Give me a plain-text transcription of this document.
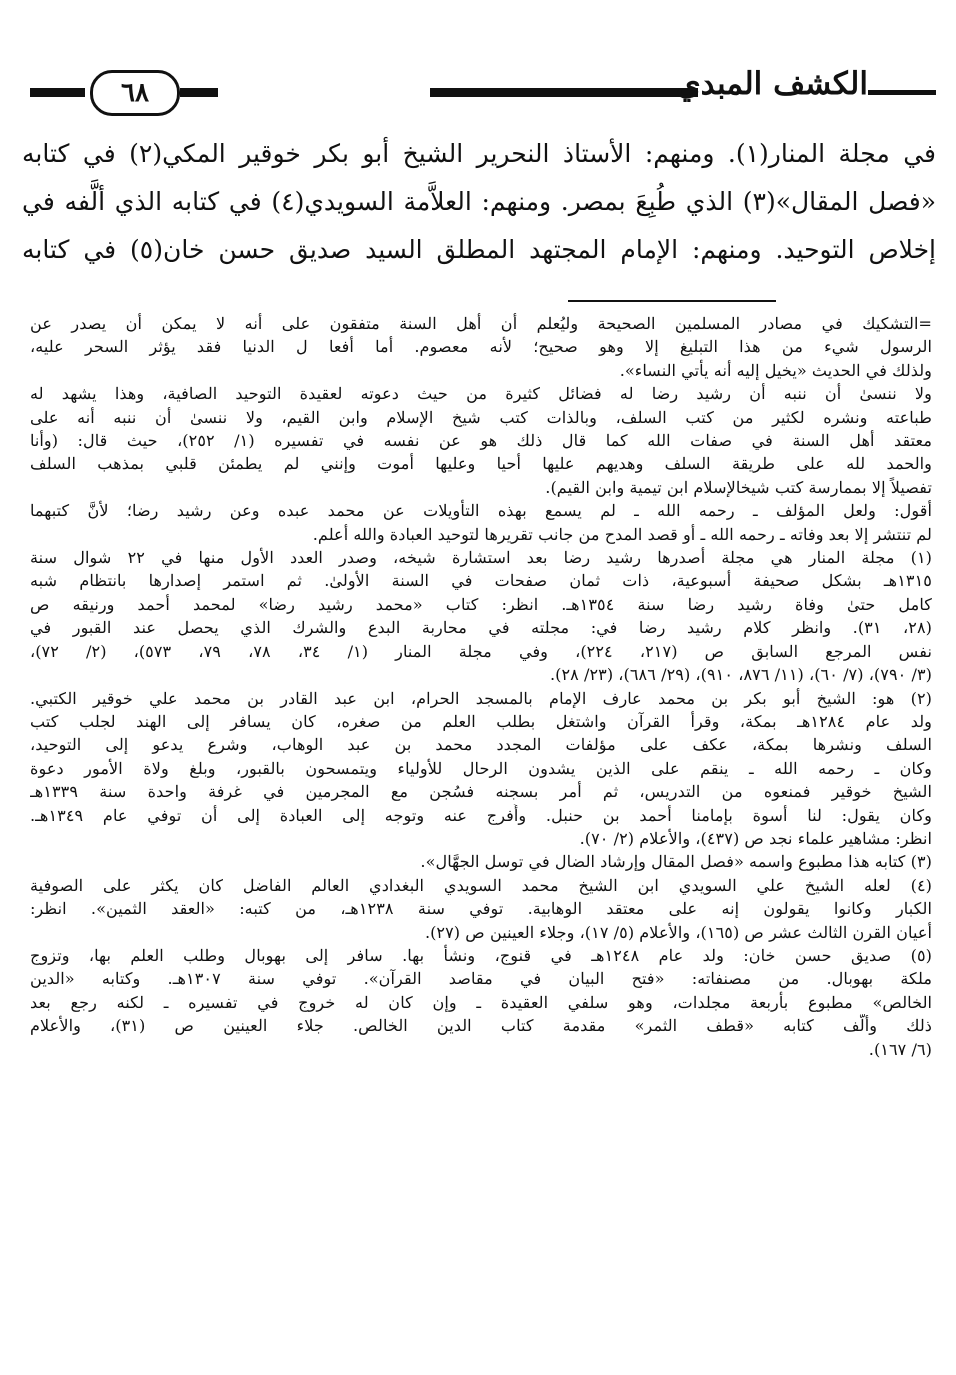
الكشف المبدي
٦٨

في مجلة المنار(١). ومنهم: الأستاذ النحرير الشيخ أبو بكر خوقير المكي(٢) في كتابه

«فصل المقال»(٣) الذي طُبِعَ بمصر. ومنهم: العلاَّمة السويدي(٤) في كتابه الذي ألَّفه في

إخلاص التوحيد. ومنهم: الإمام المجتهد المطلق السيد صديق حسن خان(٥) في كتابه

=التشكيك في مصادر المسلمين الصحيحة وليُعلم أن أهل السنة متفقون على أنه لا يمكن أن يصدر عن
الرسول شيء من هذا التبليغ إلا وهو صحيح؛ لأنه معصوم. أما أفعا ل الدنيا فقد يؤثر السحر عليه،
ولذلك في الحديث «يخيل إليه أنه يأتي النساء».

ولا ننسىٰ أن ننبه أن رشيد رضا له فضائل كثيرة من حيث دعوته لعقيدة التوحيد الصافية، وهذا يشهد له
طباعته ونشره لكثير من كتب السلف، وبالذات كتب شيخ الإسلام وابن القيم، ولا ننسىٰ أن ننبه أنه على
معتقد أهل السنة في صفات الله كما قال ذلك هو عن نفسه في تفسيره (١/ ٢٥٢)، حيث قال: (وأنا
والحمد لله على طريقة السلف وهديهم عليها أحيا وعليها أموت وإنني لم يطمئن قلبي بمذهب السلف
تفصيلاً إلا بممارسة كتب شيخالإسلام ابن تيمية وابن القيم).

أقول: ولعل المؤلف ـ رحمه الله ـ لم يسمع بهذه التأويلات عن محمد عبده وعن رشيد رضا؛ لأنَّ كتبهما
لم تنتشر إلا بعد وفاته ـ رحمه الله ـ أو قصد المدح من جانب تقريرها لتوحيد العبادة والله أعلم.

(١) مجلة المنار هي مجلة أصدرها رشيد رضا بعد استشارة شيخه، وصدر العدد الأول منها في ٢٢ شوال سنة
١٣١٥هـ بشكل صحيفة أسبوعية، ذات ثمان صفحات في السنة الأولىٰ. ثم استمر إصدارها بانتظام شبه
كامل حتىٰ وفاة رشيد رضا سنة ١٣٥٤هـ. انظر: كتاب «محمد رشيد رضا» لمحمد أحمد ورنيقه ص
(٢٨، ٣١). وانظر كلام رشيد رضا في: مجلته في محاربة البدع والشرك الذي يحصل عند القبور في
نفس المرجع السابق ص (٢١٧، ٢٢٤)، وفي مجلة المنار (١/ ٣٤، ٧٨، ٧٩، ٥٧٣)، (٢/ ٧٢)،
(٣/ ٧٩٠)، (٧/ ٦٠)، (١١/ ٨٧٦، ٩١٠)، (٢٩/ ٦٨٦)، (٢٣/ ٢٨).

(٢) هو: الشيخ أبو بكر بن محمد عارف الإمام بالمسجد الحرام، ابن عبد القادر بن محمد علي خوقير الكتبي.
ولد عام ١٢٨٤هـ بمكة، وقرأ القرآن واشتغل بطلب العلم من صغره، كان يسافر إلى الهند لجلب كتب
السلف ونشرها بمكة، عكف على مؤلفات المجدد محمد بن عبد الوهاب، وشرع يدعو إلى التوحيد،
وكان ـ رحمه الله ـ ينقم على الذين يشدون الرحال للأولياء ويتمسحون بالقبور، وبلغ ولاة الأمور دعوة
الشيخ خوقير فمنعوه من التدريس، ثم أمر بسجنه فسُجن مع المجرمين في غرفة واحدة سنة ١٣٣٩هـ
وكان يقول: لنا أسوة بإمامنا أحمد بن حنبل. وأُفرج عنه وتوجه إلى العبادة إلى أن توفي عام ١٣٤٩هـ.
انظر: مشاهير علماء نجد ص (٤٣٧)، والأعلام (٢/ ٧٠).

(٣) كتابه هذا مطبوع واسمه «فصل المقال وإرشاد الضال في توسل الجهَّال».

(٤) لعله الشيخ علي السويدي ابن الشيخ محمد السويدي البغدادي العالم الفاضل كان يكثر على الصوفية
الكبار وكانوا يقولون إنه على معتقد الوهابية. توفي سنة ١٢٣٨هـ، من كتبه: «العقد الثمين». انظر:
أعيان القرن الثالث عشر ص (١٦٥)، والأعلام (٥/ ١٧)، وجلاء العينين ص (٢٧).

(٥) صديق حسن خان: ولد عام ١٢٤٨هـ في قنوج، ونشأ بها. سافر إلى بهوبال وطلب العلم بها، وتزوج
ملكة بهوبال. من مصنفاته: «فتح البيان في مقاصد القرآن». توفي سنة ١٣٠٧هـ. وكتابه «الدين
الخالص» مطبوع بأربعة مجلدات، وهو سلفي العقيدة ـ وإن كان له خروج في تفسيره ـ لكنه رجع بعد
ذلك وألَّف كتابه «قطف الثمر» مقدمة كتاب الدين الخالص. جلاء العينين ص (٣١)، والأعلام
(٦/ ١٦٧).
